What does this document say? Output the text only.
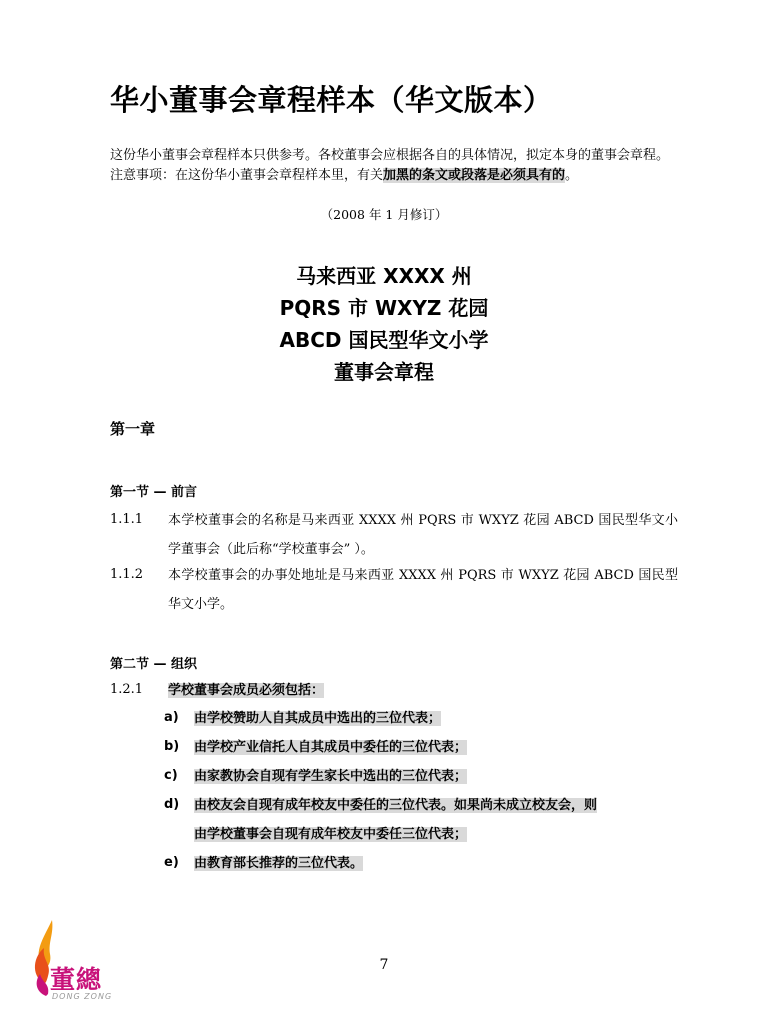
华小董事会章程样本（华文版本）
这份华小董事会章程样本只供参考。各校董事会应根据各自的具体情况，拟定本身的董事会章程。注意事项：在这份华小董事会章程样本里，有关加黑的条文或段落是必须具有的。
（2008 年 1 月修订）
马来西亚 XXXX 州
PQRS 市 WXYZ 花园
ABCD 国民型华文小学
董事会章程
第一章
第一节 — 前言
1.1.1 本学校董事会的名称是马来西亚 XXXX 州 PQRS 市 WXYZ 花园 ABCD 国民型华文小学董事会（此后称“学校董事会” ）。
1.1.2 本学校董事会的办事处地址是马来西亚 XXXX 州 PQRS 市 WXYZ 花园 ABCD 国民型华文小学。
第二节 — 组织
1.2.1 学校董事会成员必须包括：
a) 由学校赞助人自其成员中选出的三位代表；
b) 由学校产业信托人自其成员中委任的三位代表；
c) 由家教协会自现有学生家长中选出的三位代表；
d) 由校友会自现有成年校友中委任的三位代表。如果尚未成立校友会，则
由学校董事会自现有成年校友中委任三位代表；
e) 由教育部长推荐的三位代表。
7
董總
DONG ZONG
